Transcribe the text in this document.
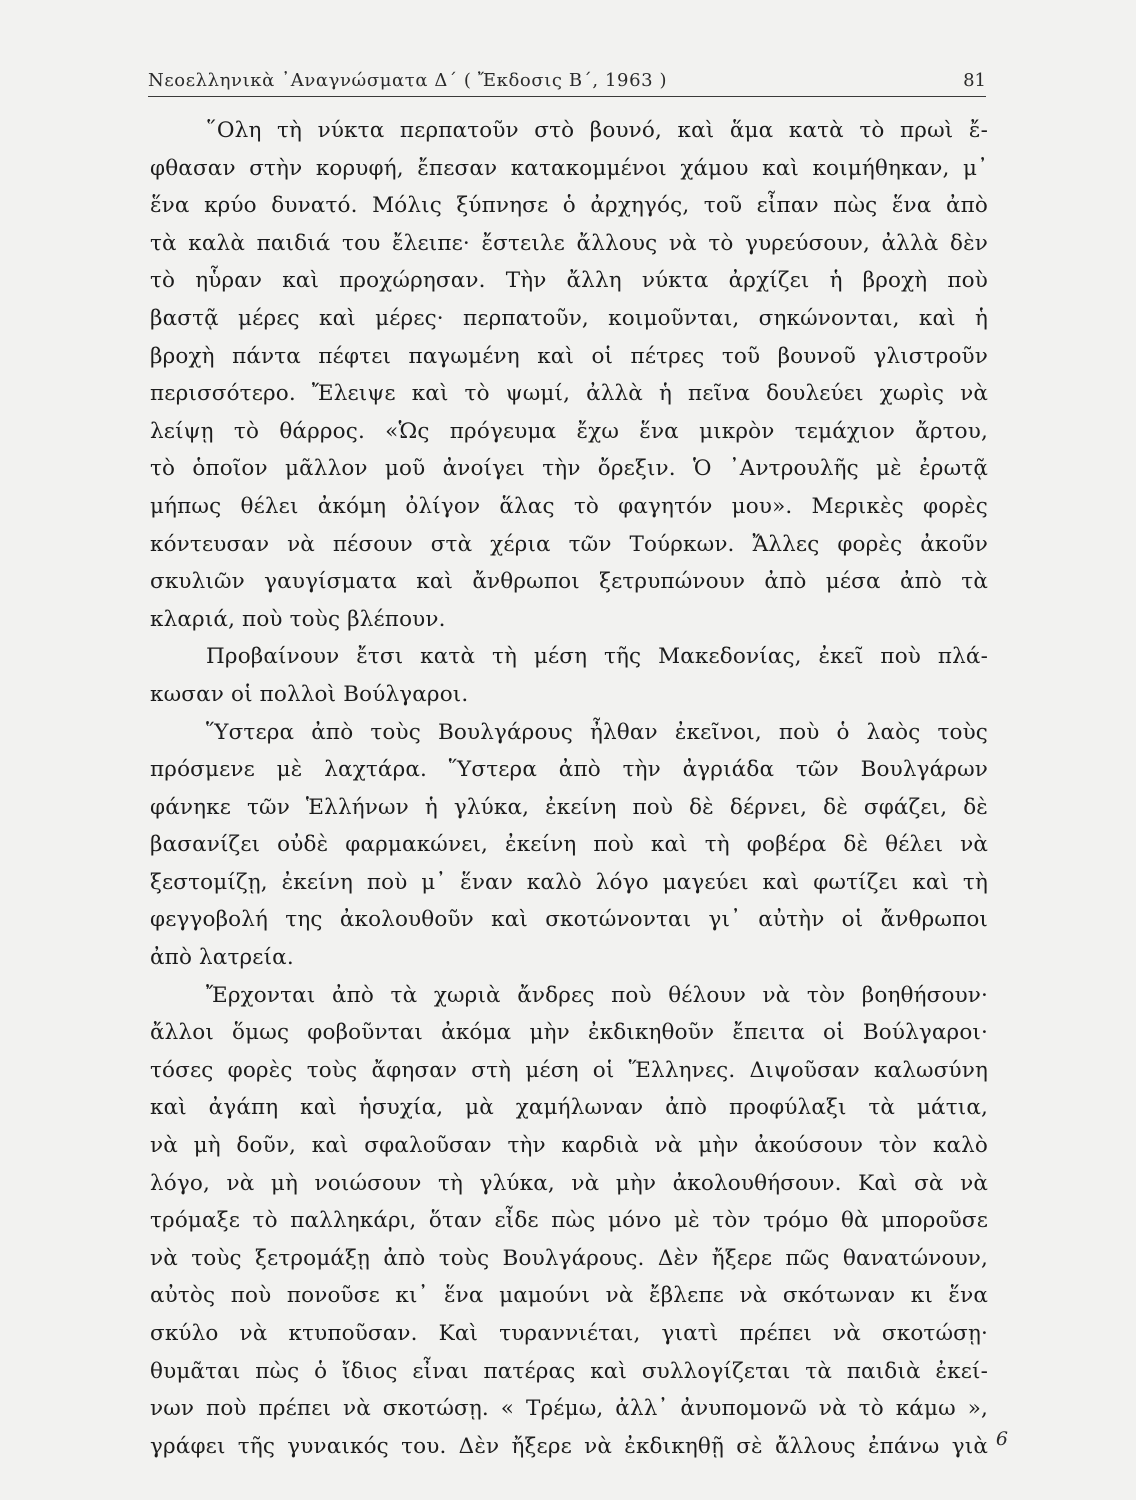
Νεοελληνικὰ ᾿Αναγνώσματα Δ΄ ( Ἔκδοσις Β΄, 1963 )	81
῞Ολη τὴ νύκτα περπατοῦν στὸ βουνό, καὶ ἅμα κατὰ τὸ πρωὶ ἔ-
φθασαν στὴν κορυφή, ἔπεσαν κατακομμένοι χάμου καὶ κοιμήθηκαν, μ᾿
ἕνα κρύο δυνατό. Μόλις ξύπνησε ὁ ἀρχηγός, τοῦ εἶπαν πὼς ἕνα ἀπὸ
τὰ καλὰ παιδιά του ἔλειπε· ἔστειλε ἄλλους νὰ τὸ γυρεύσουν, ἀλλὰ δὲν
τὸ ηὗραν καὶ προχώρησαν. Τὴν ἄλλη νύκτα ἀρχίζει ἡ βροχὴ ποὺ
βαστᾷ μέρες καὶ μέρες· περπατοῦν, κοιμοῦνται, σηκώνονται, καὶ ἡ
βροχὴ πάντα πέφτει παγωμένη καὶ οἱ πέτρες τοῦ βουνοῦ γλιστροῦν
περισσότερο. Ἔλειψε καὶ τὸ ψωμί, ἀλλὰ ἡ πεῖνα δουλεύει χωρὶς νὰ
λείψῃ τὸ θάρρος. «Ὡς πρόγευμα ἔχω ἕνα μικρὸν τεμάχιον ἄρτου,
τὸ ὁποῖον μᾶλλον μοῦ ἀνοίγει τὴν ὄρεξιν. Ὁ ᾿Αντρουλῆς μὲ ἐρωτᾷ
μήπως θέλει ἀκόμη ὀλίγον ἅλας τὸ φαγητόν μου». Μερικὲς φορὲς
κόντευσαν νὰ πέσουν στὰ χέρια τῶν Τούρκων. Ἄλλες φορὲς ἀκοῦν
σκυλιῶν γαυγίσματα καὶ ἄνθρωποι ξετρυπώνουν ἀπὸ μέσα ἀπὸ τὰ
κλαριά, ποὺ τοὺς βλέπουν.
Προβαίνουν ἔτσι κατὰ τὴ μέση τῆς Μακεδονίας, ἐκεῖ ποὺ πλά-
κωσαν οἱ πολλοὶ Βούλγαροι.
Ὕστερα ἀπὸ τοὺς Βουλγάρους ἦλθαν ἐκεῖνοι, ποὺ ὁ λαὸς τοὺς
πρόσμενε μὲ λαχτάρα. Ὕστερα ἀπὸ τὴν ἀγριάδα τῶν Βουλγάρων
φάνηκε τῶν Ἑλλήνων ἡ γλύκα, ἐκείνη ποὺ δὲ δέρνει, δὲ σφάζει, δὲ
βασανίζει οὐδὲ φαρμακώνει, ἐκείνη ποὺ καὶ τὴ φοβέρα δὲ θέλει νὰ
ξεστομίζῃ, ἐκείνη ποὺ μ᾿ ἕναν καλὸ λόγο μαγεύει καὶ φωτίζει καὶ τὴ
φεγγοβολή της ἀκολουθοῦν καὶ σκοτώνονται γι᾿ αὐτὴν οἱ ἄνθρωποι
ἀπὸ λατρεία.
Ἔρχονται ἀπὸ τὰ χωριὰ ἄνδρες ποὺ θέλουν νὰ τὸν βοηθήσουν·
ἄλλοι ὅμως φοβοῦνται ἀκόμα μὴν ἐκδικηθοῦν ἔπειτα οἱ Βούλγαροι·
τόσες φορὲς τοὺς ἄφησαν στὴ μέση οἱ Ἕλληνες. Διψοῦσαν καλωσύνη
καὶ ἀγάπη καὶ ἡσυχία, μὰ χαμήλωναν ἀπὸ προφύλαξι τὰ μάτια,
νὰ μὴ δοῦν, καὶ σφαλοῦσαν τὴν καρδιὰ νὰ μὴν ἀκούσουν τὸν καλὸ
λόγο, νὰ μὴ νοιώσουν τὴ γλύκα, νὰ μὴν ἀκολουθήσουν. Καὶ σὰ νὰ
τρόμαξε τὸ παλληκάρι, ὅταν εἶδε πὼς μόνο μὲ τὸν τρόμο θὰ μποροῦσε
νὰ τοὺς ξετρομάξῃ ἀπὸ τοὺς Βουλγάρους. Δὲν ἤξερε πῶς θανατώνουν,
αὐτὸς ποὺ πονοῦσε κι᾿ ἕνα μαμούνι νὰ ἔβλεπε νὰ σκότωναν κι ἕνα
σκύλο νὰ κτυποῦσαν. Καὶ τυραννιέται, γιατὶ πρέπει νὰ σκοτώσῃ·
θυμᾶται πὼς ὁ ἴδιος εἶναι πατέρας καὶ συλλογίζεται τὰ παιδιὰ ἐκεί-
νων ποὺ πρέπει νὰ σκοτώσῃ. « Τρέμω, ἀλλ᾿ ἀνυπομονῶ νὰ τὸ κάμω »,
γράφει τῆς γυναικός του. Δὲν ἤξερε νὰ ἐκδικηθῇ σὲ ἄλλους ἐπάνω γιὰ 6
